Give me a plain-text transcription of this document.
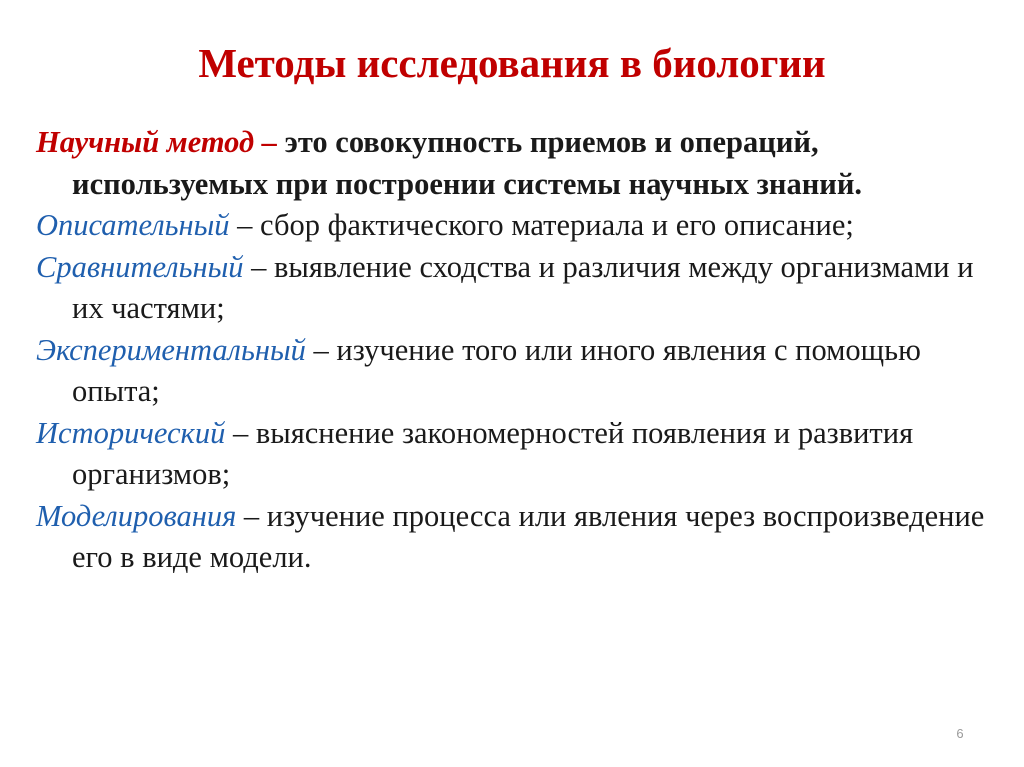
Методы исследования в биологии

Научный метод – это совокупность приемов и операций, используемых при построении системы научных знаний.

Описательный – сбор фактического материала и его описание;

Сравнительный – выявление сходства и различия между организмами и их частями;

Экспериментальный – изучение того или иного явления с помощью опыта;

Исторический – выяснение закономерностей появления и развития организмов;

Моделирования – изучение процесса или явления через воспроизведение его в виде модели.

6
